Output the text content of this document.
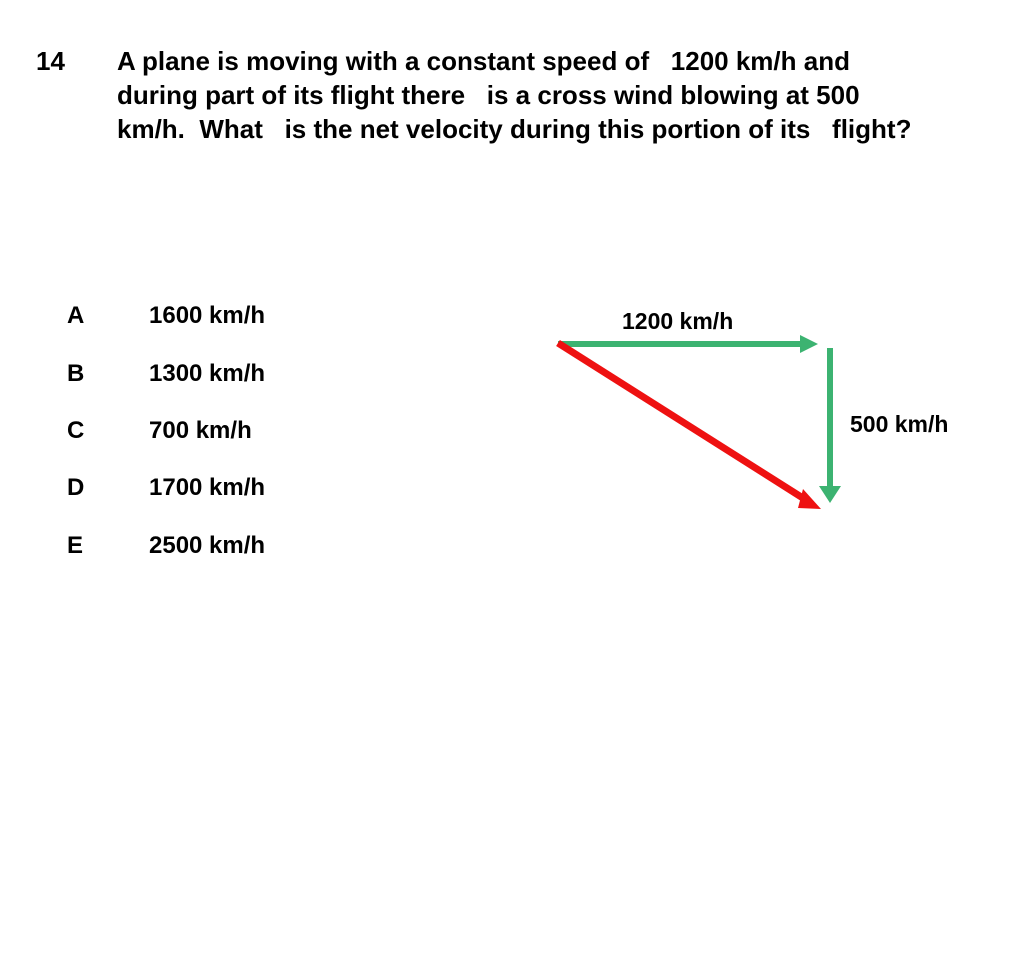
14 A plane is moving with a constant speed of   1200 km/h and
during part of its flight there   is a cross wind blowing at 500
km/h.  What   is the net velocity during this portion of its   flight?
A	1600 km/h
B	1300 km/h
C	700 km/h
D	1700 km/h
E	2500 km/h
1200 km/h
500 km/h
